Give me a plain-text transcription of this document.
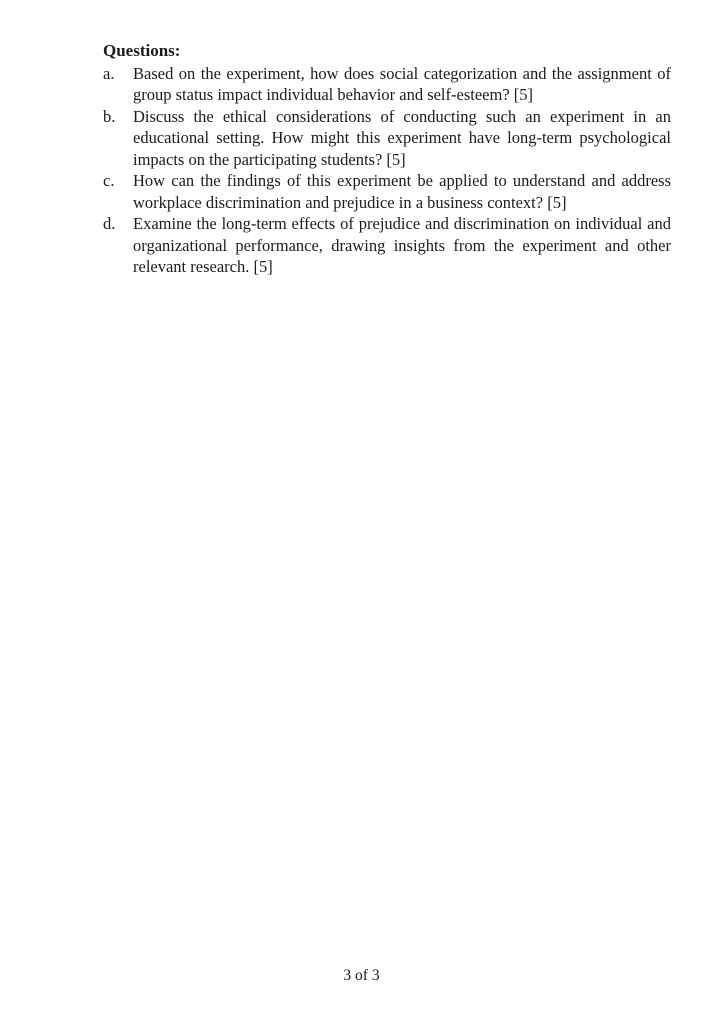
Questions:

a.	Based on the experiment, how does social categorization and the assignment of group status impact individual behavior and self-esteem? [5]
b.	Discuss the ethical considerations of conducting such an experiment in an educational setting. How might this experiment have long-term psychological impacts on the participating students? [5]
c.	How can the findings of this experiment be applied to understand and address workplace discrimination and prejudice in a business context? [5]
d.	Examine the long-term effects of prejudice and discrimination on individual and organizational performance, drawing insights from the experiment and other relevant research. [5]
3 of 3
